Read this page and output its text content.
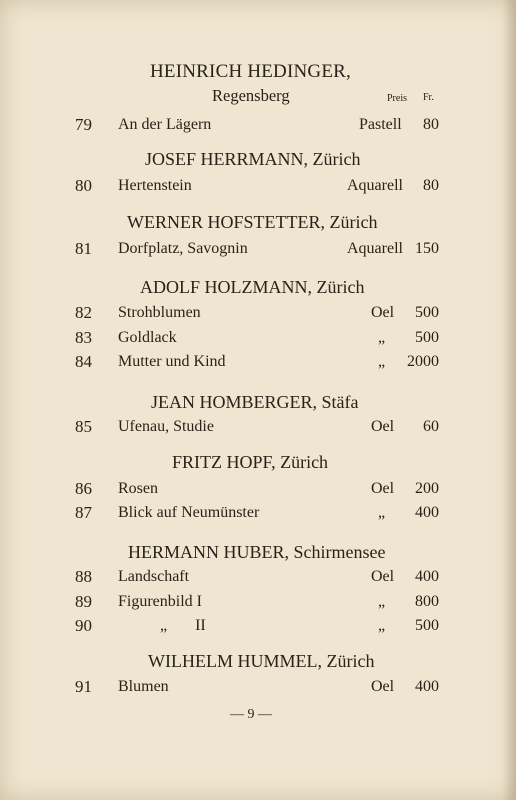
HEINRICH HEDINGER,
Regensberg	Preis Fr.
79 An der Lägern	Pastell	80
JOSEF HERRMANN, Zürich
80 Hertenstein	Aquarell	80
WERNER HOFSTETTER, Zürich
81 Dorfplatz, Savognin	Aquarell 150
ADOLF HOLZMANN, Zürich
82 Strohblumen	Oel	500
83 Goldlack	„	500
84 Mutter und Kind	„	2000
JEAN HOMBERGER, Stäfa
85 Ufenau, Studie	Oel	60
FRITZ HOPF, Zürich
86 Rosen	Oel	200
87 Blick auf Neumünster	„	400
HERMANN HUBER, Schirmensee
88 Landschaft	Oel	400
89 Figurenbild I	„	800
90	„ II	„	500
WILHELM HUMMEL, Zürich
91 Blumen	Oel	400
— 9 —
